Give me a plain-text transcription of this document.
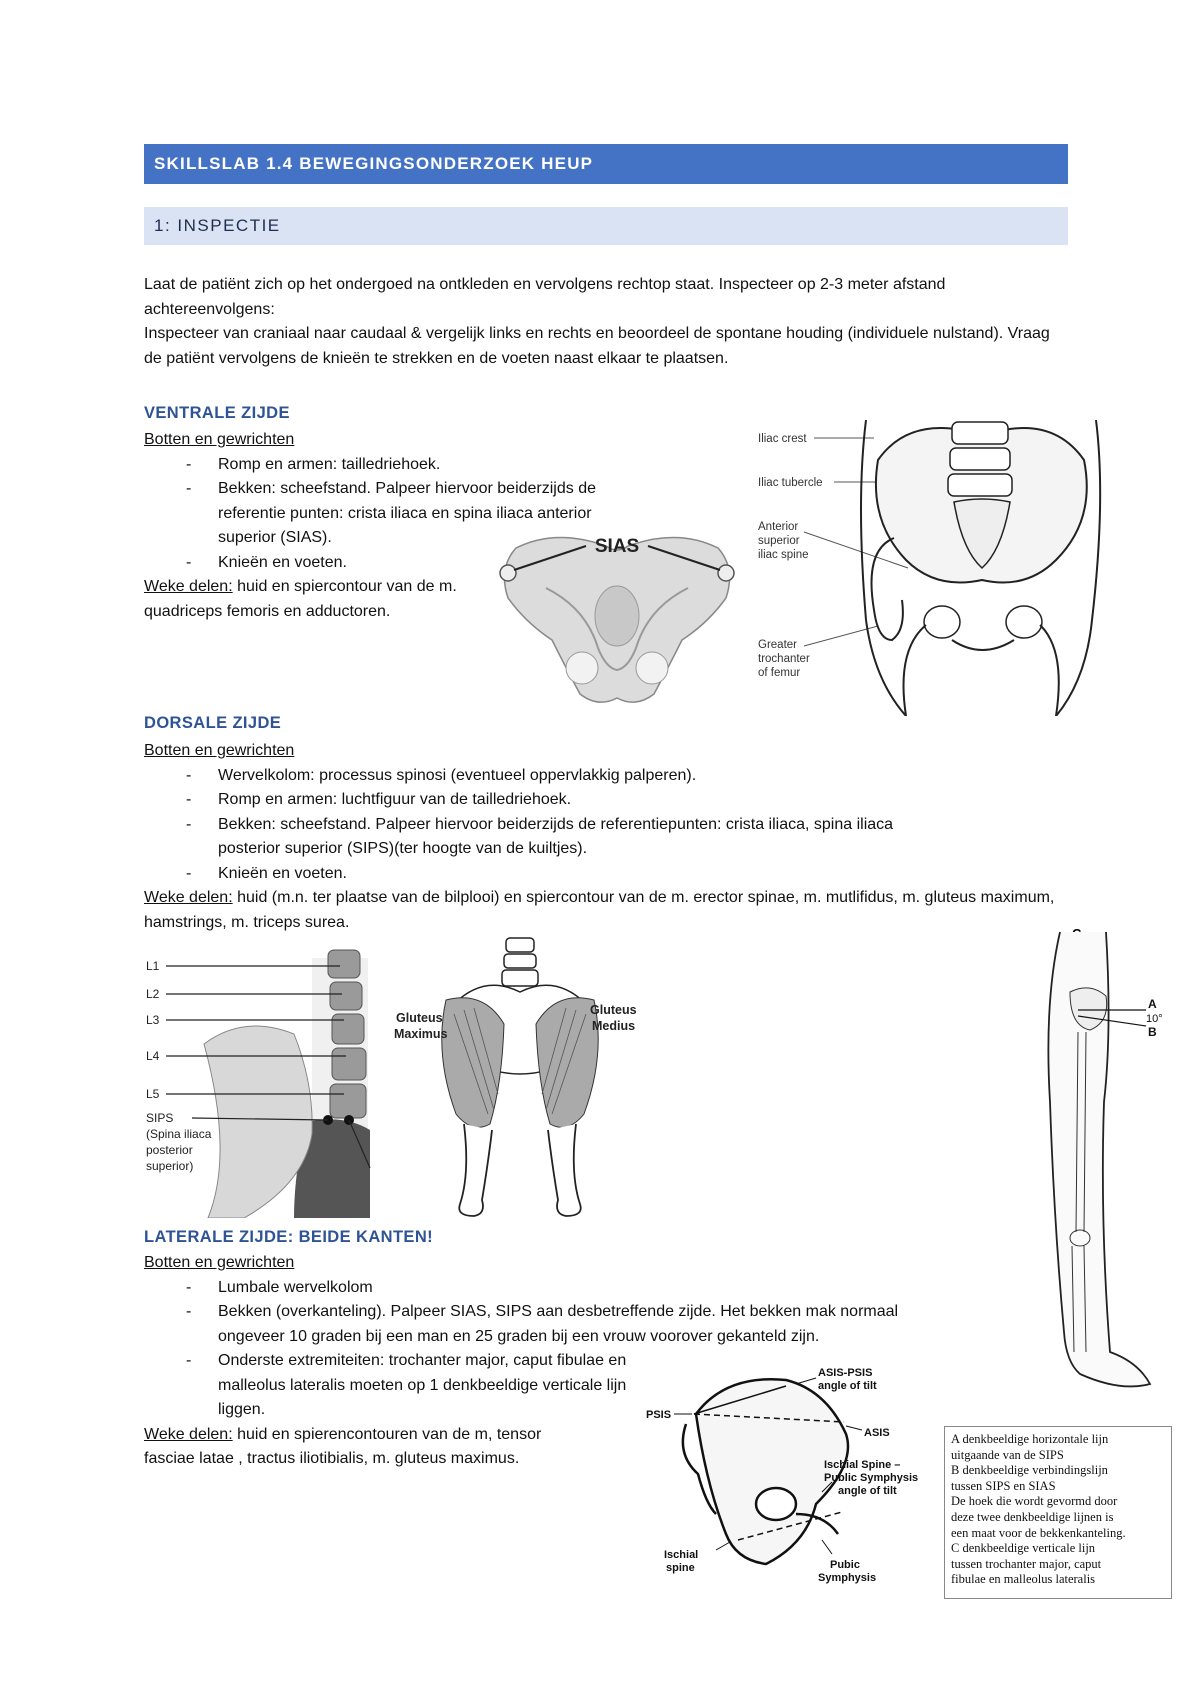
SKILLSLAB 1.4 BEWEGINGSONDERZOEK HEUP
1: INSPECTIE
Laat de patiënt zich op het ondergoed na ontkleden en vervolgens rechtop staat. Inspecteer op 2-3 meter afstand achtereenvolgens:
Inspecteer van craniaal naar caudaal & vergelijk links en rechts en beoordeel de spontane houding (individuele nulstand). Vraag de patiënt vervolgens de knieën te strekken en de voeten naast elkaar te plaatsen.
VENTRALE ZIJDE
Botten en gewrichten
- Romp en armen: tailledriehoek.
- Bekken: scheefstand. Palpeer hiervoor beiderzijds de referentie punten: crista iliaca en spina iliaca anterior superior (SIAS).
- Knieën en voeten.
Weke delen: huid en spiercontour van de m. quadriceps femoris en adductoren.
SIAS
Iliac crest
Iliac tubercle
Anterior
superior
iliac spine
Greater
trochanter
of femur
DORSALE ZIJDE
Botten en gewrichten
- Wervelkolom: processus spinosi (eventueel oppervlakkig palperen).
- Romp en armen: luchtfiguur van de tailledriehoek.
- Bekken: scheefstand. Palpeer hiervoor beiderzijds de referentiepunten: crista iliaca, spina iliaca posterior superior (SIPS)(ter hoogte van de kuiltjes).
- Knieën en voeten.
Weke delen: huid (m.n. ter plaatse van de bilplooi) en spiercontour van de m. erector spinae, m. mutlifidus, m. gluteus maximum, hamstrings, m. triceps surea.
L1
L2
L3
L4
L5
SIPS
(Spina iliaca
posterior
superior)
Gluteus
Maximus
Gluteus
Medius
A
10°
B
LATERALE ZIJDE: BEIDE KANTEN!
Botten en gewrichten
- Lumbale wervelkolom
- Bekken (overkanteling). Palpeer SIAS, SIPS aan desbetreffende zijde. Het bekken mak normaal ongeveer 10 graden bij een man en 25 graden bij een vrouw voorover gekanteld zijn.
- Onderste extremiteiten: trochanter major, caput fibulae en malleolus lateralis moeten op 1 denkbeeldige verticale lijn liggen.
Weke delen: huid en spierencontouren van de m, tensor fasciae latae , tractus iliotibialis, m. gluteus maximus.
ASIS-PSIS
angle of tilt
PSIS
ASIS
Ischial Spine –
Public Symphysis
angle of tilt
Ischial
spine	Pubic
Symphysis
A denkbeeldige horizontale lijn
uitgaande van de SIPS
B denkbeeldige verbindingslijn
tussen SIPS en SIAS
De hoek die wordt gevormd door
deze twee denkbeeldige lijnen is
een maat voor de bekkenkanteling.
C denkbeeldige verticale lijn
tussen trochanter major, caput
fibulae en malleolus lateralis
